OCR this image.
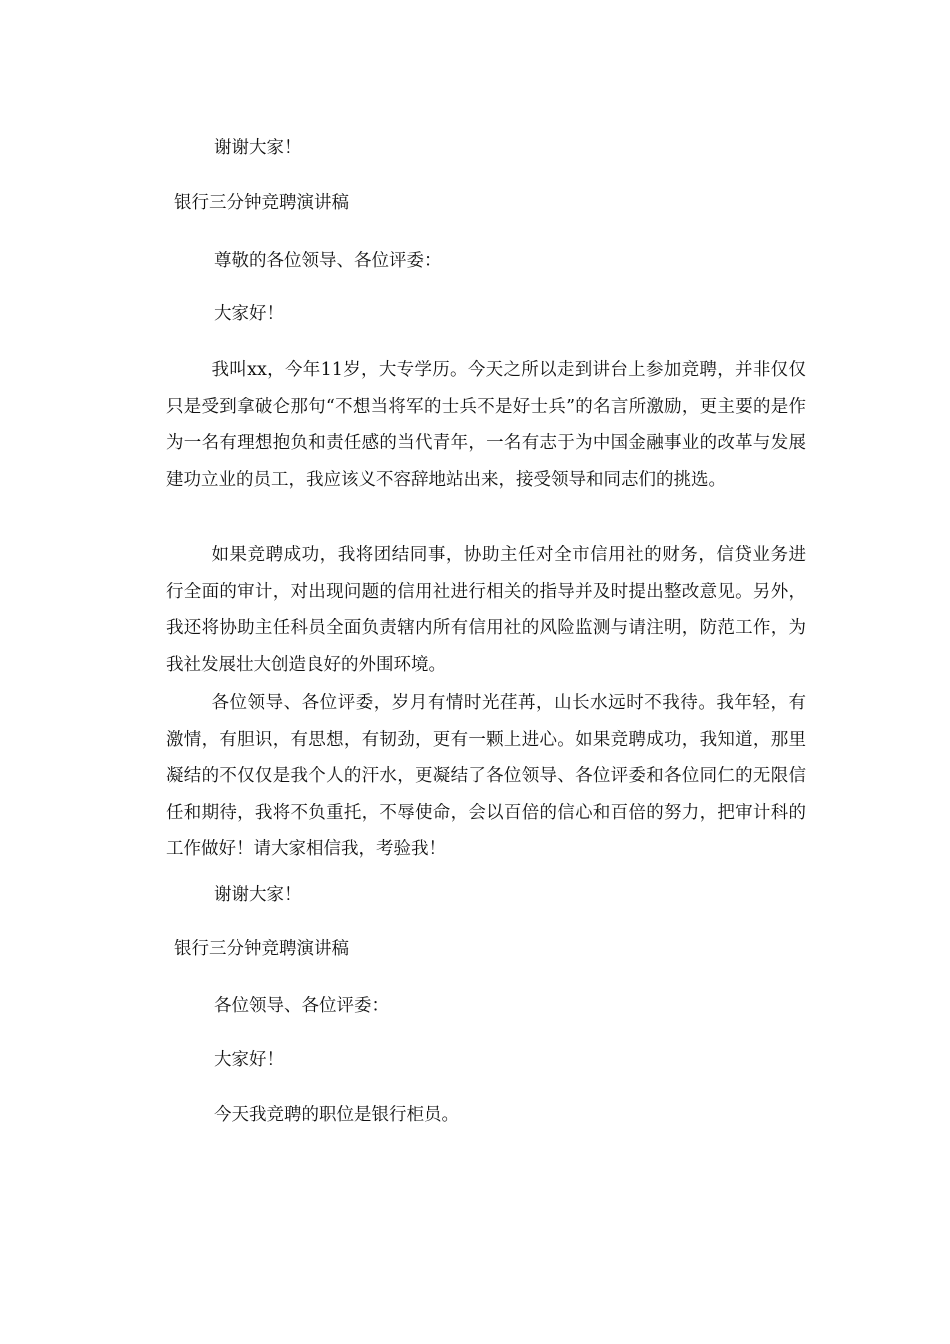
谢谢大家！
银行三分钟竞聘演讲稿
尊敬的各位领导、各位评委：
大家好！
我叫xx，今年11岁，大专学历。今天之所以走到讲台上参加竞聘，并非仅仅只是受到拿破仑那句“不想当将军的士兵不是好士兵”的名言所激励，更主要的是作为一名有理想抱负和责任感的当代青年，一名有志于为中国金融事业的改革与发展建功立业的员工，我应该义不容辞地站出来，接受领导和同志们的挑选。
如果竞聘成功，我将团结同事，协助主任对全市信用社的财务，信贷业务进行全面的审计，对出现问题的信用社进行相关的指导并及时提出整改意见。另外，我还将协助主任科员全面负责辖内所有信用社的风险监测与请注明，防范工作，为我社发展壮大创造良好的外围环境。
各位领导、各位评委，岁月有情时光荏苒，山长水远时不我待。我年轻，有激情，有胆识，有思想，有韧劲，更有一颗上进心。如果竞聘成功，我知道，那里凝结的不仅仅是我个人的汗水，更凝结了各位领导、各位评委和各位同仁的无限信任和期待，我将不负重托，不辱使命，会以百倍的信心和百倍的努力，把审计科的工作做好！请大家相信我，考验我！
谢谢大家！
银行三分钟竞聘演讲稿
各位领导、各位评委：
大家好！
今天我竞聘的职位是银行柜员。
